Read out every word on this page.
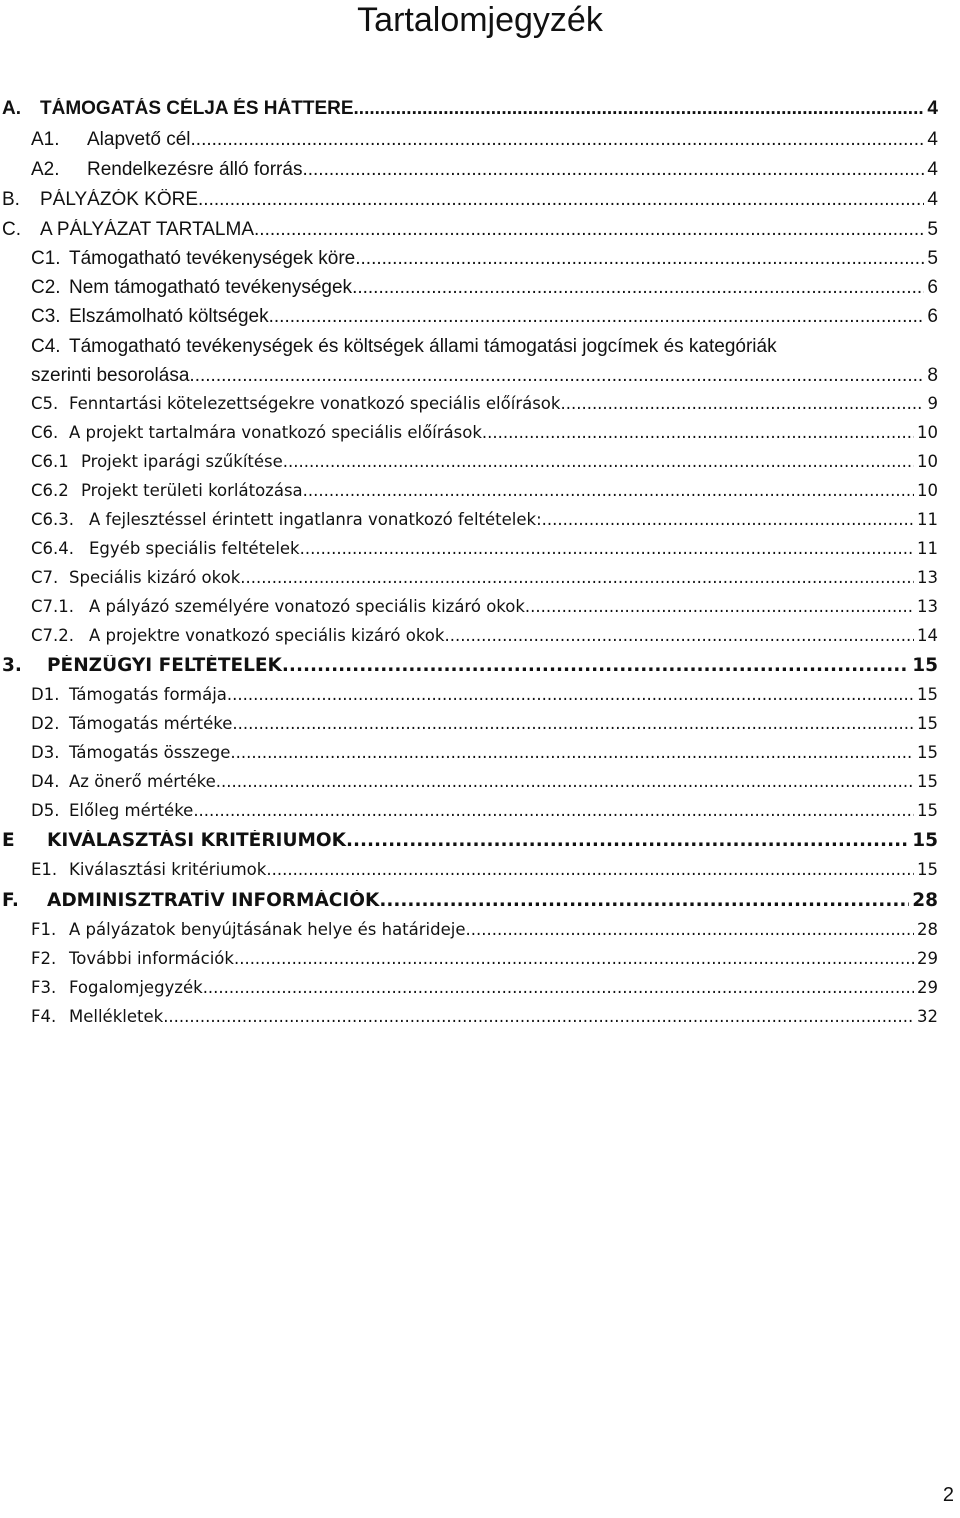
Tartalomjegyzék
A. TÁMOGATÁS CÉLJA ÉS HÁTTERE .....	4
A1. Alapvető cél .....	4
A2. Rendelkezésre álló forrás .....	4
B. PÁLYÁZÓK KÖRE .....	4
C. A PÁLYÁZAT TARTALMA .....	5
C1. Támogatható tevékenységek köre .....	5
C2. Nem támogatható tevékenységek .....	6
C3. Elszámolható költségek .....	6
C4. Támogatható tevékenységek és költségek állami támogatási jogcímek és kategóriák
szerinti besorolása .....	8
C5. Fenntartási kötelezettségekre vonatkozó speciális előírások .....	9
C6. A projekt tartalmára vonatkozó speciális előírások .....	10
C6.1 Projekt iparági szűkítése .....	10
C6.2 Projekt területi korlátozása .....	10
C6.3. A fejlesztéssel érintett ingatlanra vonatkozó feltételek: .....	11
C6.4. Egyéb speciális feltételek .....	11
C7. Speciális kizáró okok .....	13
C7.1. A pályázó személyére vonatozó speciális kizáró okok .....	13
C7.2. A projektre vonatkozó speciális kizáró okok .....	14
3. PÉNZÜGYI FELTÉTELEK .....	15
D1. Támogatás formája .....	15
D2. Támogatás mértéke .....	15
D3. Támogatás összege .....	15
D4. Az önerő mértéke .....	15
D5. Előleg mértéke .....	15
E KIVÁLASZTÁSI KRITÉRIUMOK .....	15
E1. Kiválasztási kritériumok .....	15
F. ADMINISZTRATÍV INFORMÁCIÓK .....	28
F1. A pályázatok benyújtásának helye és határideje .....	28
F2. További információk .....	29
F3. Fogalomjegyzék .....	29
F4. Mellékletek .....	32
2
